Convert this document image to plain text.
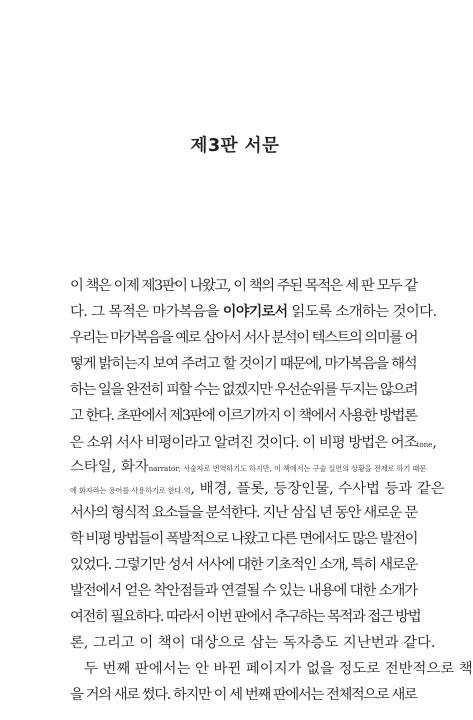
제3판 서문
이 책은 이제 제3판이 나왔고, 이 책의 주된 목적은 세 판 모두 같
다. 그 목적은 마가복음을 이야기로서 읽도록 소개하는 것이다.
우리는 마가복음을 예로 삼아서 서사 분석이 텍스트의 의미를 어
떻게 밝히는지 보여 주려고 할 것이기 때문에, 마가복음을 해석
하는 일을 완전히 피할 수는 없겠지만 우선순위를 두지는 않으려
고 한다. 초판에서 제3판에 이르기까지 이 책에서 사용한 방법론
은 소위 서사 비평이라고 알려진 것이다. 이 비평 방법은 어조tone,
스타일, 화자 narrator; 서술자로 번역하기도 하지만, 이 책에서는 구술 실연의 상황을 전제로 하기 때문
에 화자라는 용어를 사용하기로 한다. 역 , 배경, 플롯, 등장인물, 수사법 등과 같은
서사의 형식적 요소들을 분석한다. 지난 삼십 년 동안 새로운 문
학 비평 방법들이 폭발적으로 나왔고 다른 면에서도 많은 발전이
있었다. 그렇기만 성서 서사에 대한 기초적인 소개, 특히 새로운
발전에서 얻은 착안점들과 연결될 수 있는 내용에 대한 소개가
여전히 필요하다. 따라서 이번 판에서 추구하는 목적과 접근 방법
론, 그리고 이 책이 대상으로 삼는 독자층도 지난번과 같다.
두 번째 판에서는 안 바뀐 페이지가 없을 정도로 전반적으로 책
을 거의 새로 썼다. 하지만 이 세 번째 판에서는 전체적으로 새로
